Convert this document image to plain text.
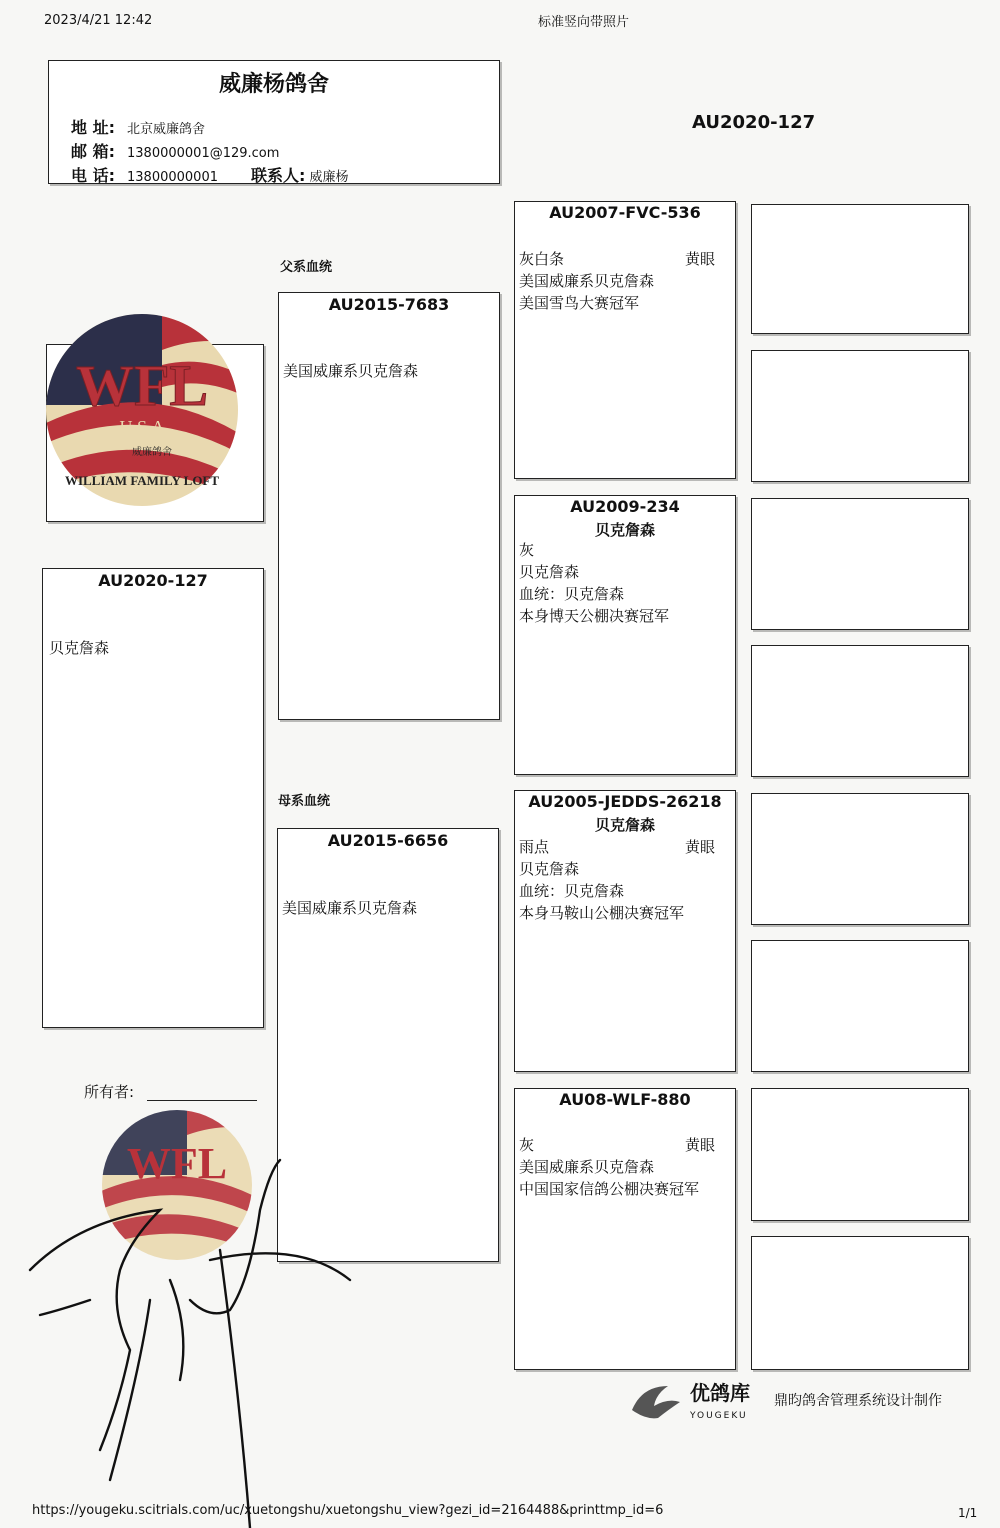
2023/4/21 12:42	标准竖向带照片
威廉杨鸽舍
地 址: 北京威廉鸽舍
邮 箱: 1380000001@129.com
电 话: 13800000001 联系人: 威廉杨
AU2020-127
WFL
U.S.A
威廉鸽舍
WILLIAM FAMILY LOFT
AU2020-127
贝克詹森
父系血统
母系血统
AU2015-7683
美国威廉系贝克詹森
AU2015-6656
美国威廉系贝克詹森
AU2007-FVC-536
灰白条	黄眼
美国威廉系贝克詹森
美国雪鸟大赛冠军
AU2009-234
贝克詹森
灰
贝克詹森
血统：贝克詹森
本身博天公棚决赛冠军
AU2005-JEDDS-26218
贝克詹森
雨点	黄眼
贝克詹森
血统：贝克詹森
本身马鞍山公棚决赛冠军
AU08-WLF-880
灰	黄眼
美国威廉系贝克詹森
中国国家信鸽公棚决赛冠军
所有者:
WFL
优鸽库
YOUGEKU
鼎昀鸽舍管理系统设计制作
https://yougeku.scitrials.com/uc/xuetongshu/xuetongshu_view?gezi_id=2164488&printtmp_id=6	1/1
